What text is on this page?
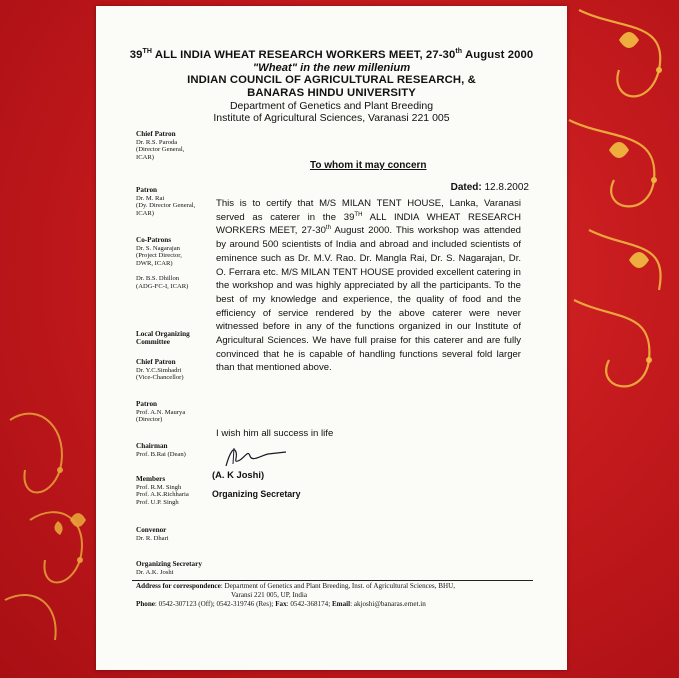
39TH ALL INDIA WHEAT RESEARCH WORKERS MEET, 27-30th August 2000
"Wheat" in the new millenium
INDIAN COUNCIL OF AGRICULTURAL RESEARCH, &
BANARAS HINDU UNIVERSITY
Department of Genetics and Plant Breeding
Institute of Agricultural Sciences, Varanasi 221 005
Chief Patron
Dr. R.S. Paroda
(Director General,
ICAR)
Patron
Dr. M. Rai
(Dy. Director General,
ICAR)
Co-Patrons
Dr. S. Nagarajan
(Project Director,
DWR, ICAR)
Dr. B.S. Dhillon
(ADG-FC-I, ICAR)
Local Organizing
Committee
Chief Patron
Dr. Y.C.Simhadri
(Vice-Chancellor)
Patron
Prof. A.N. Maurya
(Director)
Chairman
Prof. B.Rai (Dean)
Members
Prof. R.M. Singh
Prof. A.K.Richharia
Prof. U.P. Singh
Convenor
Dr. R. Dhari
Organizing Secretary
Dr. A.K. Joshi
To whom it may concern
Dated: 12.8.2002
This is to certify that M/S MILAN TENT HOUSE, Lanka, Varanasi served as caterer in the 39TH ALL INDIA WHEAT RESEARCH WORKERS MEET, 27-30th August 2000. This workshop was attended by around 500 scientists of India and abroad and included scientists of eminence such as Dr. M.V. Rao. Dr. Mangla Rai, Dr. S. Nagarajan, Dr. O. Ferrara etc. M/S MILAN TENT HOUSE provided excellent catering in the workshop and was highly appreciated by all the participants. To the best of my knowledge and experience, the quality of food and the efficiency of service rendered by the above caterer were never witnessed before in any of the functions organized in our Institute of Agricultural Sciences. We have full praise for this caterer and are fully convinced that he is capable of handling functions several fold larger than that mentioned above.
I wish him all success in life
(A. K Joshi)
Organizing Secretary
Address for correspondence: Department of Genetics and Plant Breeding, Inst. of Agricultural Sciences, BHU,
Varansi 221 005, UP, India
Phone: 0542-307123 (Off); 0542-319746 (Res); Fax: 0542-368174; Email: akjoshi@banaras.ernet.in
